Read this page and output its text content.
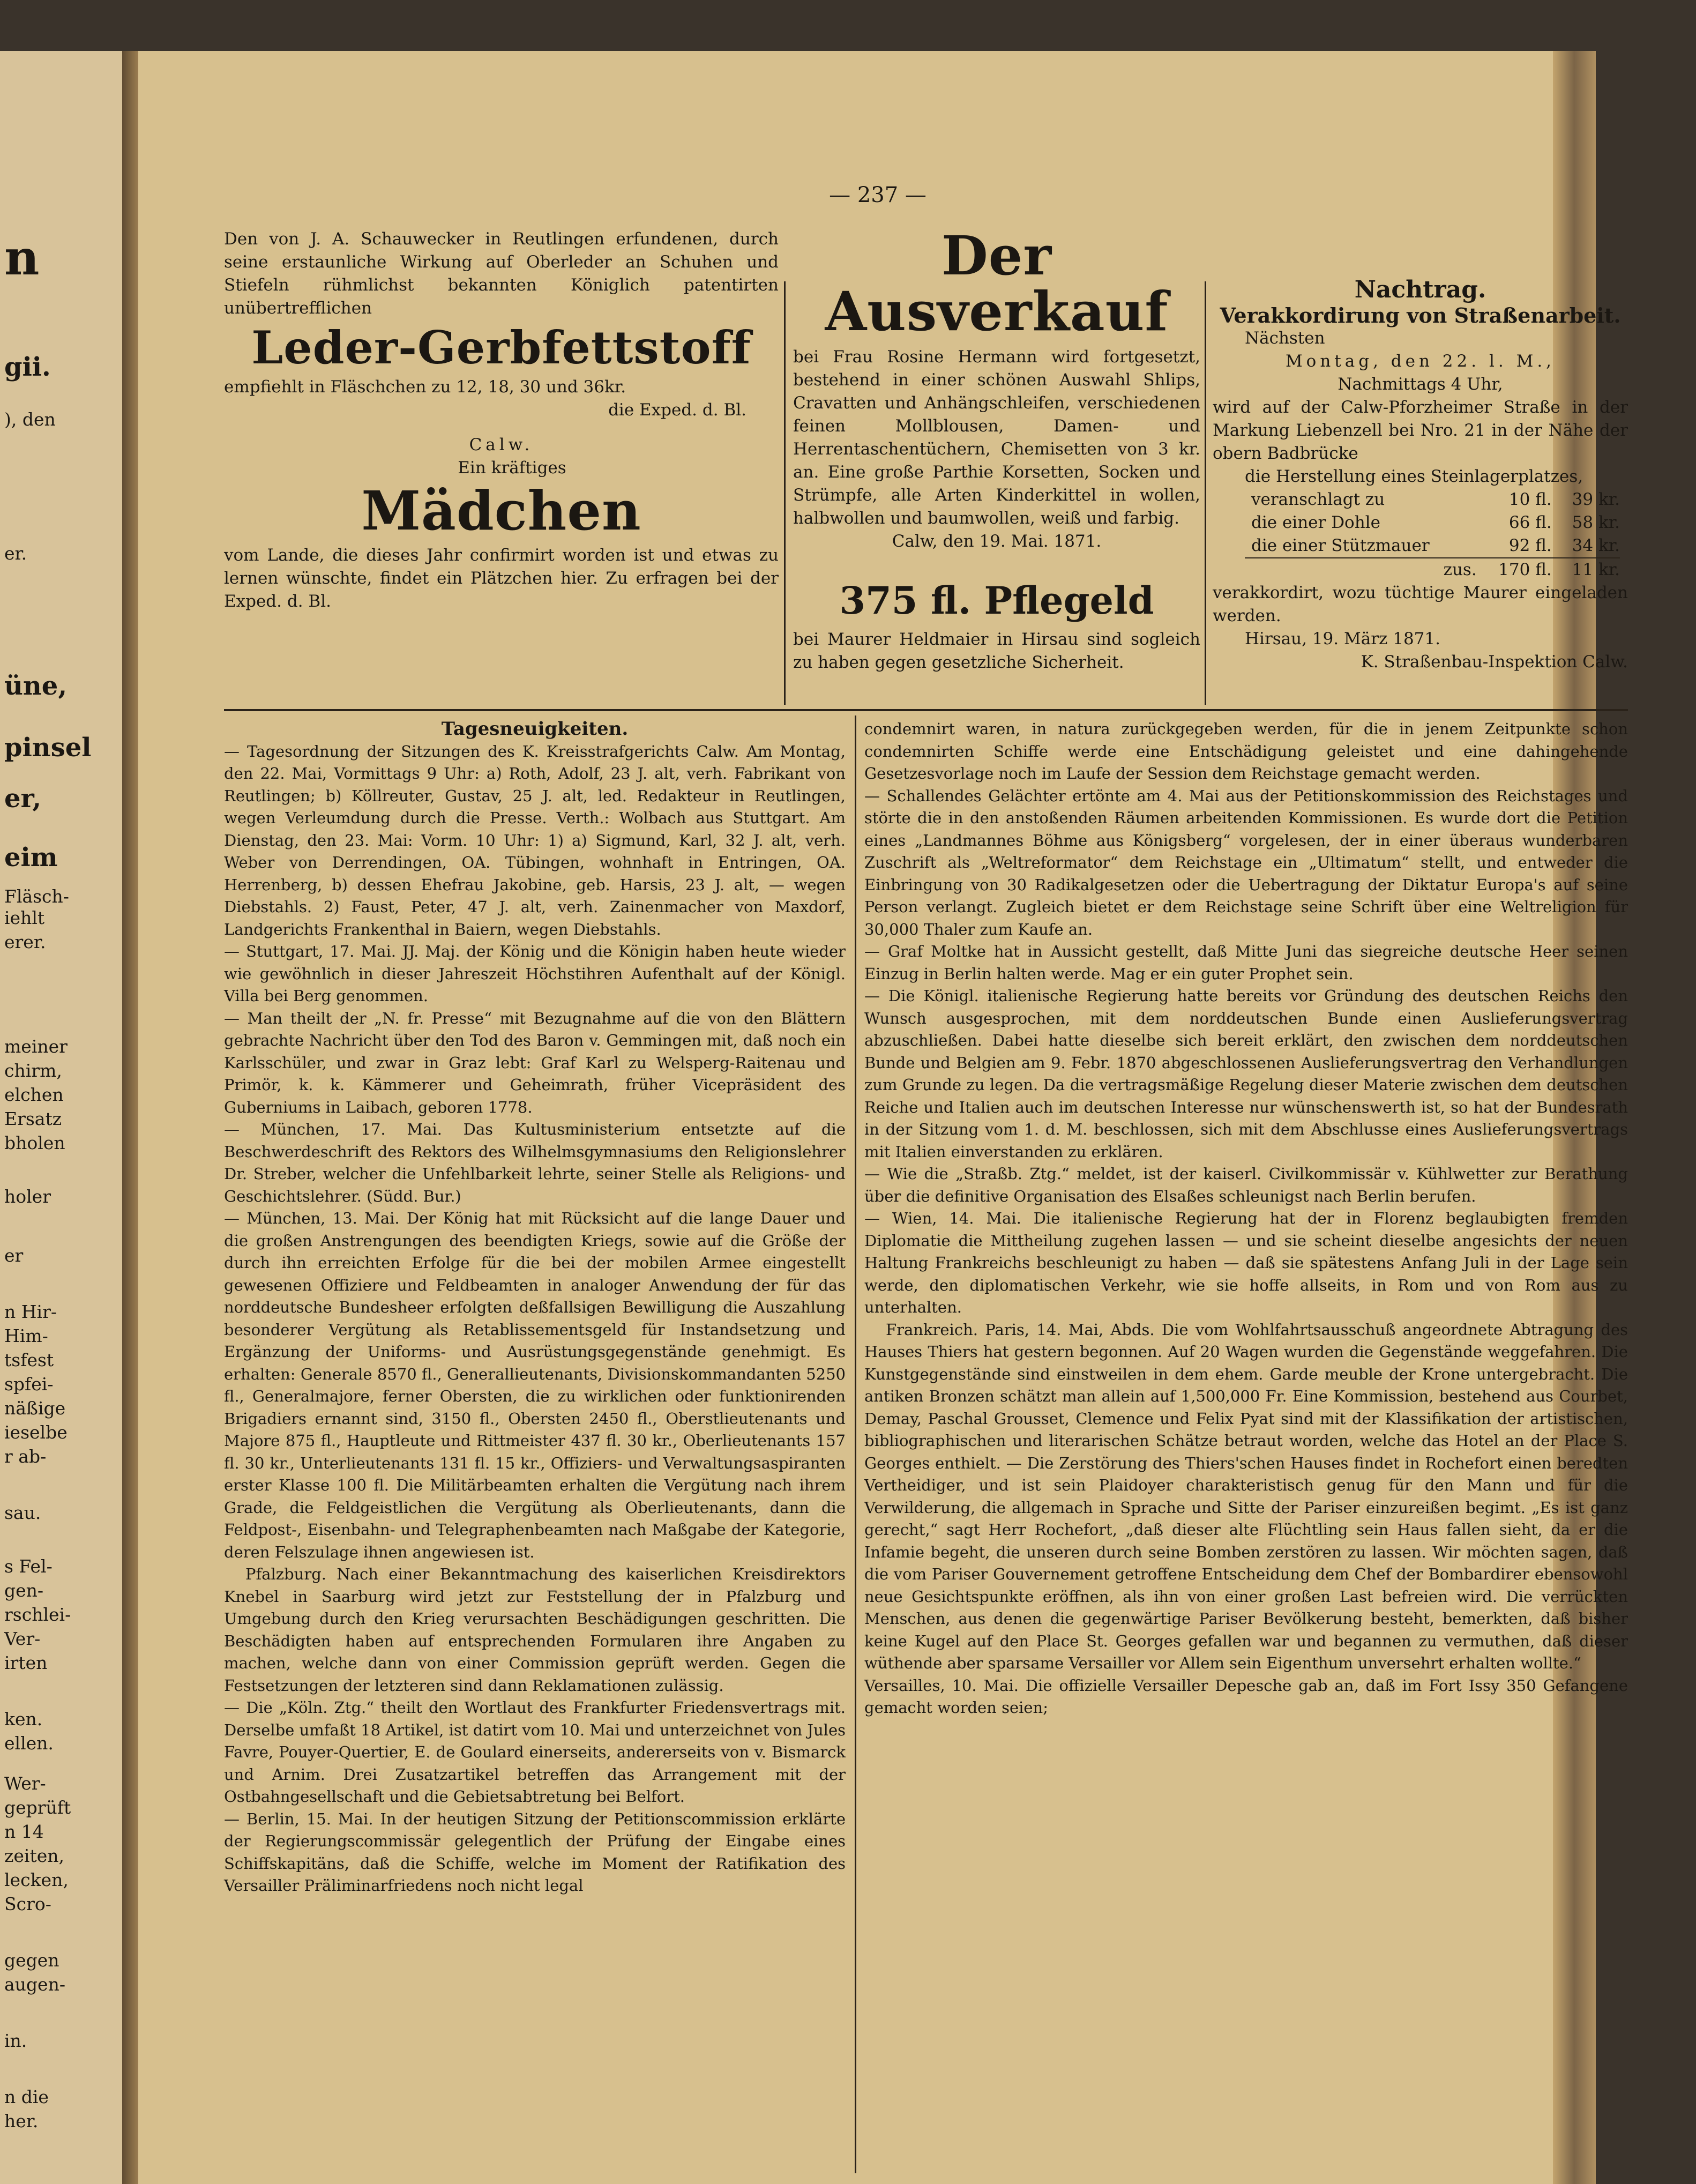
n
gii.
), den
er.
üne,
pinsel
er,
eim
Fläsch-
iehlt
erer.
meiner
chirm,
elchen
Ersatz
bholen
holer
er
n Hir-
Him-
tsfest
spfei-
näßige
ieselbe
r ab-
sau.
s Fel-
gen-
rschlei-
Ver-
irten
ken.
ellen.
Wer-
geprüft
n 14
zeiten,
lecken,
Scro-
gegen
augen-
in.
n die
her.
— 237 —

Den von J. A. Schauwecker in Reutlingen erfundenen, durch seine erstaunliche Wirkung auf Oberleder an Schuhen und Stiefeln rühmlichst bekannten Königlich patentirten unübertrefflichen

Leder-Gerbfettstoff

empfiehlt in Fläschchen zu 12, 18, 30 und 36kr.

die Exped. d. Bl.

Calw.

Ein kräftiges

Mädchen

vom Lande, die dieses Jahr confirmirt worden ist und etwas zu lernen wünschte, findet ein Plätzchen hier. Zu erfragen bei der Exped. d. Bl.

Der Ausverkauf

bei Frau Rosine Hermann wird fortgesetzt, bestehend in einer schönen Auswahl Shlips, Cravatten und Anhängschleifen, verschiedenen feinen Mollblousen, Damen- und Herrentaschentüchern, Chemisetten von 3 kr. an. Eine große Parthie Korsetten, Socken und Strümpfe, alle Arten Kinderkittel in wollen, halbwollen und baumwollen, weiß und farbig.

Calw, den 19. Mai. 1871.

375 fl. Pflegeld

bei Maurer Heldmaier in Hirsau sind sogleich zu haben gegen gesetzliche Sicherheit.

Nachtrag.

Verakkordirung von Straßenarbeit.

Nächsten

Montag, den 22. l. M.,

Nachmittags 4 Uhr,

wird auf der Calw-Pforzheimer Straße in der Markung Liebenzell bei Nro. 21 in der Nähe der obern Badbrücke

die Herstellung eines Steinlagerplatzes,

veranschlagt zu	10 fl.	39 kr.
die einer Dohle	66 fl.	58 kr.
die einer Stützmauer	92 fl.	34 kr.
zus.	170 fl.	11 kr.

verakkordirt, wozu tüchtige Maurer eingeladen werden.

Hirsau, 19. März 1871.

K. Straßenbau-Inspektion Calw.

Tagesneuigkeiten.

— Tagesordnung der Sitzungen des K. Kreisstrafgerichts Calw. Am Montag, den 22. Mai, Vormittags 9 Uhr: a) Roth, Adolf, 23 J. alt, verh. Fabrikant von Reutlingen; b) Köllreuter, Gustav, 25 J. alt, led. Redakteur in Reutlingen, wegen Verleumdung durch die Presse. Verth.: Wolbach aus Stuttgart. Am Dienstag, den 23. Mai: Vorm. 10 Uhr: 1) a) Sigmund, Karl, 32 J. alt, verh. Weber von Derrendingen, OA. Tübingen, wohnhaft in Entringen, OA. Herrenberg, b) dessen Ehefrau Jakobine, geb. Harsis, 23 J. alt, — wegen Diebstahls. 2) Faust, Peter, 47 J. alt, verh. Zainenmacher von Maxdorf, Landgerichts Frankenthal in Baiern, wegen Diebstahls.

— Stuttgart, 17. Mai. JJ. Maj. der König und die Königin haben heute wieder wie gewöhnlich in dieser Jahreszeit Höchstihren Aufenthalt auf der Königl. Villa bei Berg genommen.

— Man theilt der „N. fr. Presse“ mit Bezugnahme auf die von den Blättern gebrachte Nachricht über den Tod des Baron v. Gemmingen mit, daß noch ein Karlsschüler, und zwar in Graz lebt: Graf Karl zu Welsperg-Raitenau und Primör, k. k. Kämmerer und Geheimrath, früher Vicepräsident des Guberniums in Laibach, geboren 1778.

— München, 17. Mai. Das Kultusministerium entsetzte auf die Beschwerdeschrift des Rektors des Wilhelmsgymnasiums den Religionslehrer Dr. Streber, welcher die Unfehlbarkeit lehrte, seiner Stelle als Religions- und Geschichtslehrer. (Südd. Bur.)

— München, 13. Mai. Der König hat mit Rücksicht auf die lange Dauer und die großen Anstrengungen des beendigten Kriegs, sowie auf die Größe der durch ihn erreichten Erfolge für die bei der mobilen Armee eingestellt gewesenen Offiziere und Feldbeamten in analoger Anwendung der für das norddeutsche Bundesheer erfolgten deßfallsigen Bewilligung die Auszahlung besonderer Vergütung als Retablissementsgeld für Instandsetzung und Ergänzung der Uniforms- und Ausrüstungsgegenstände genehmigt. Es erhalten: Generale 8570 fl., Generallieutenants, Divisionskommandanten 5250 fl., Generalmajore, ferner Obersten, die zu wirklichen oder funktionirenden Brigadiers ernannt sind, 3150 fl., Obersten 2450 fl., Oberstlieutenants und Majore 875 fl., Hauptleute und Rittmeister 437 fl. 30 kr., Oberlieutenants 157 fl. 30 kr., Unterlieutenants 131 fl. 15 kr., Offiziers- und Verwaltungsaspiranten erster Klasse 100 fl. Die Militärbeamten erhalten die Vergütung nach ihrem Grade, die Feldgeistlichen die Vergütung als Oberlieutenants, dann die Feldpost-, Eisenbahn- und Telegraphenbeamten nach Maßgabe der Kategorie, deren Felszulage ihnen angewiesen ist.

Pfalzburg. Nach einer Bekanntmachung des kaiserlichen Kreisdirektors Knebel in Saarburg wird jetzt zur Feststellung der in Pfalzburg und Umgebung durch den Krieg verursachten Beschädigungen geschritten. Die Beschädigten haben auf entsprechenden Formularen ihre Angaben zu machen, welche dann von einer Commission geprüft werden. Gegen die Festsetzungen der letzteren sind dann Reklamationen zulässig.

— Die „Köln. Ztg.“ theilt den Wortlaut des Frankfurter Friedensvertrags mit. Derselbe umfaßt 18 Artikel, ist datirt vom 10. Mai und unterzeichnet von Jules Favre, Pouyer-Quertier, E. de Goulard einerseits, andererseits von v. Bismarck und Arnim. Drei Zusatzartikel betreffen das Arrangement mit der Ostbahngesellschaft und die Gebietsabtretung bei Belfort.

— Berlin, 15. Mai. In der heutigen Sitzung der Petitionscommission erklärte der Regierungscommissär gelegentlich der Prüfung der Eingabe eines Schiffskapitäns, daß die Schiffe, welche im Moment der Ratifikation des Versailler Präliminarfriedens noch nicht legal

condemnirt waren, in natura zurückgegeben werden, für die in jenem Zeitpunkte schon condemnirten Schiffe werde eine Entschädigung geleistet und eine dahingehende Gesetzesvorlage noch im Laufe der Session dem Reichstage gemacht werden.

— Schallendes Gelächter ertönte am 4. Mai aus der Petitionskommission des Reichstages und störte die in den anstoßenden Räumen arbeitenden Kommissionen. Es wurde dort die Petition eines „Landmannes Böhme aus Königsberg“ vorgelesen, der in einer überaus wunderbaren Zuschrift als „Weltreformator“ dem Reichstage ein „Ultimatum“ stellt, und entweder die Einbringung von 30 Radikalgesetzen oder die Uebertragung der Diktatur Europa's auf seine Person verlangt. Zugleich bietet er dem Reichstage seine Schrift über eine Weltreligion für 30,000 Thaler zum Kaufe an.

— Graf Moltke hat in Aussicht gestellt, daß Mitte Juni das siegreiche deutsche Heer seinen Einzug in Berlin halten werde. Mag er ein guter Prophet sein.

— Die Königl. italienische Regierung hatte bereits vor Gründung des deutschen Reichs den Wunsch ausgesprochen, mit dem norddeutschen Bunde einen Auslieferungsvertrag abzuschließen. Dabei hatte dieselbe sich bereit erklärt, den zwischen dem norddeutschen Bunde und Belgien am 9. Febr. 1870 abgeschlossenen Auslieferungsvertrag den Verhandlungen zum Grunde zu legen. Da die vertragsmäßige Regelung dieser Materie zwischen dem deutschen Reiche und Italien auch im deutschen Interesse nur wünschenswerth ist, so hat der Bundesrath in der Sitzung vom 1. d. M. beschlossen, sich mit dem Abschlusse eines Auslieferungsvertrags mit Italien einverstanden zu erklären.

— Wie die „Straßb. Ztg.“ meldet, ist der kaiserl. Civilkommissär v. Kühlwetter zur Berathung über die definitive Organisation des Elsaßes schleunigst nach Berlin berufen.

— Wien, 14. Mai. Die italienische Regierung hat der in Florenz beglaubigten fremden Diplomatie die Mittheilung zugehen lassen — und sie scheint dieselbe angesichts der neuen Haltung Frankreichs beschleunigt zu haben — daß sie spätestens Anfang Juli in der Lage sein werde, den diplomatischen Verkehr, wie sie hoffe allseits, in Rom und von Rom aus zu unterhalten.

Frankreich. Paris, 14. Mai, Abds. Die vom Wohlfahrtsausschuß angeordnete Abtragung des Hauses Thiers hat gestern begonnen. Auf 20 Wagen wurden die Gegenstände weggefahren. Die Kunstgegenstände sind einstweilen in dem ehem. Garde meuble der Krone untergebracht. Die antiken Bronzen schätzt man allein auf 1,500,000 Fr. Eine Kommission, bestehend aus Courbet, Demay, Paschal Grousset, Clemence und Felix Pyat sind mit der Klassifikation der artistischen, bibliographischen und literarischen Schätze betraut worden, welche das Hotel an der Place S. Georges enthielt. — Die Zerstörung des Thiers'schen Hauses findet in Rochefort einen beredten Vertheidiger, und ist sein Plaidoyer charakteristisch genug für den Mann und für die Verwilderung, die allgemach in Sprache und Sitte der Pariser einzureißen begimt. „Es ist ganz gerecht,“ sagt Herr Rochefort, „daß dieser alte Flüchtling sein Haus fallen sieht, da er die Infamie begeht, die unseren durch seine Bomben zerstören zu lassen. Wir möchten sagen, daß die vom Pariser Gouvernement getroffene Entscheidung dem Chef der Bombardirer ebensowohl neue Gesichtspunkte eröffnen, als ihn von einer großen Last befreien wird. Die verrückten Menschen, aus denen die gegenwärtige Pariser Bevölkerung besteht, bemerkten, daß bisher keine Kugel auf den Place St. Georges gefallen war und begannen zu vermuthen, daß dieser wüthende aber sparsame Versailler vor Allem sein Eigenthum unversehrt erhalten wollte.“

Versailles, 10. Mai. Die offizielle Versailler Depesche gab an, daß im Fort Issy 350 Gefangene gemacht worden seien;
